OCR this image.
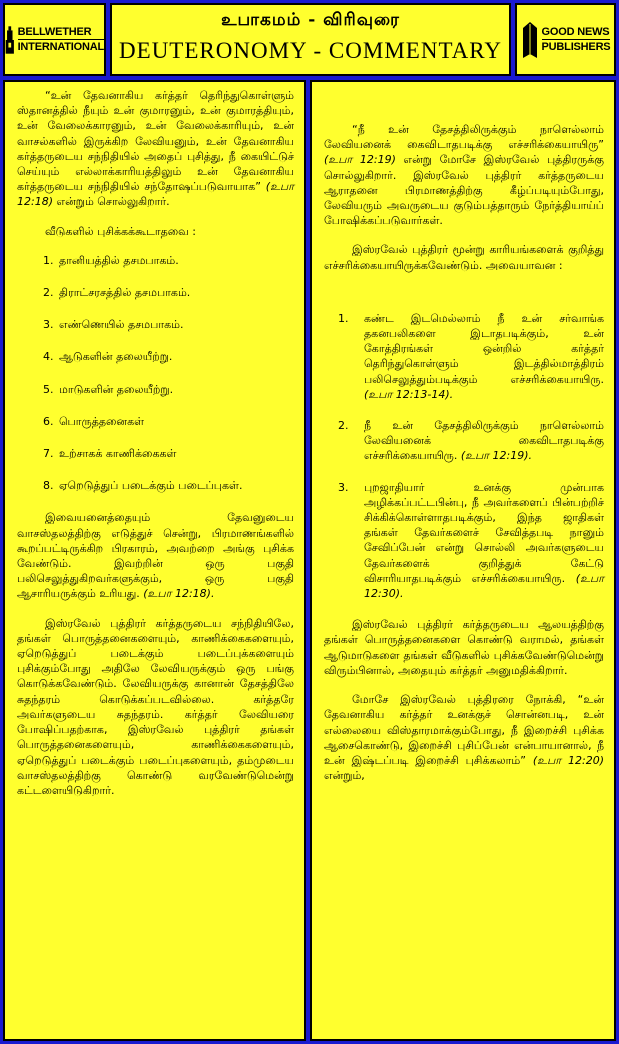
BELLWETHER
INTERNATIONAL
உபாகமம் - விரிவுரை
DEUTERONOMY - COMMENTARY
GOOD NEWS
PUBLISHERS

“உன் தேவனாகிய கர்த்தர் தெரிந்துகொள்ளும் ஸ்தானத்தில் நீயும் உன் குமாரனும், உன் குமாரத்தியும், உன் வேலைக்காரனும், உன் வேலைக்காரியும், உன் வாசல்களில் இருக்கிற லேவியனும், உன் தேவனாகிய கர்த்தருடைய சந்நிதியில் அதைப் புசித்து, நீ கையிட்டுச் செய்யும் எல்லாக்காரியத்திலும் உன் தேவனாகிய கர்த்தருடைய சந்நிதியில் சந்தோஷப்படுவாயாக” (உபா 12:18) என்றும் சொல்லுகிறார்.

வீடுகளில் புசிக்கக்கூடாதவை :
1. தானியத்தில் தசமபாகம்.
2. திராட்சரசத்தில் தசமபாகம்.
3. எண்ணெயில் தசமபாகம்.
4. ஆடுகளின் தலையீற்று.
5. மாடுகளின் தலையீற்று.
6. பொருத்தனைகள்
7. உற்சாகக் காணிக்கைகள்
8. ஏறெடுத்துப் படைக்கும் படைப்புகள்.

இவையனைத்தையும் தேவனுடைய வாசஸ்தலத்திற்கு எடுத்துச் சென்று, பிரமாணங்களில் கூறப்பட்டிருக்கிற பிரகாரம், அவற்றை அங்கு புசிக்க வேண்டும். இவற்றின் ஒரு பகுதி பலிசெலுத்துகிறவர்களுக்கும், ஒரு பகுதி ஆசாரியருக்கும் உரியது. (உபா 12:18).

இஸ்ரவேல் புத்திரர் கர்த்தருடைய சந்நிதியிலே, தங்கள் பொருத்தனைகளையும், காணிக்கைகளையும், ஏறெடுத்துப் படைக்கும் படைப்புக்களையும் புசிக்கும்போது அதிலே லேவியருக்கும் ஒரு பங்கு கொடுக்கவேண்டும். லேவியருக்கு கானான் தேசத்திலே சுதந்தரம் கொடுக்கப்படவில்லை. கர்த்தரே அவர்களுடைய சுதந்தரம். கர்த்தர் லேவியரை போஷிப்பதற்காக, இஸ்ரவேல் புத்திரர் தங்கள் பொருத்தனைகளையும், காணிக்கைகளையும், ஏறெடுத்துப் படைக்கும் படைப்புகளையும், தம்முடைய வாசஸ்தலத்திற்கு கொண்டு வரவேண்டுமென்று கட்டளையிடுகிறார்.

“நீ உன் தேசத்திலிருக்கும் நாளெல்லாம் லேவியனைக் கைவிடாதபடிக்கு எச்சரிக்கையாயிரு” (உபா 12:19) என்று மோசே இஸ்ரவேல் புத்திரருக்கு சொல்லுகிறார். இஸ்ரவேல் புத்திரர் கர்த்தருடைய ஆராதனை பிரமாணத்திற்கு கீழ்ப்படியும்போது, லேவியரும் அவருடைய குடும்பத்தாரும் நேர்த்தியாய்ப் போஷிக்கப்படுவார்கள்.

இஸ்ரவேல் புத்திரர் மூன்று காரியங்களைக் குறித்து எச்சரிக்கையாயிருக்கவேண்டும். அவையாவன :

1. கண்ட இடமெல்லாம் நீ உன் சர்வாங்க தகனபலிகளை இடாதபடிக்கும், உன் கோத்திரங்கள் ஒன்றில் கர்த்தர் தெரிந்துகொள்ளும் இடத்தில்மாத்திரம் பலிசெலுத்தும்படிக்கும் எச்சரிக்கையாயிரு. (உபா 12:13-14).
2. நீ உன் தேசத்திலிருக்கும் நாளெல்லாம் லேவியனைக் கைவிடாதபடிக்கு எச்சரிக்கையாயிரு. (உபா 12:19).
3. புறஜாதியார் உனக்கு முன்பாக அழிக்கப்பட்டபின்பு, நீ அவர்களைப் பின்பற்றிச் சிக்கிக்கொள்ளாதபடிக்கும், இந்த ஜாதிகள் தங்கள் தேவர்களைச் சேவித்தபடி நானும் சேவிப்பேன் என்று சொல்லி அவர்களுடைய தேவர்களைக் குறித்துக் கேட்டு விசாரியாதபடிக்கும் எச்சரிக்கையாயிரு. (உபா 12:30).

இஸ்ரவேல் புத்திரர் கர்த்தருடைய ஆலயத்திற்கு தங்கள் பொருத்தனைகளை கொண்டு வராமல், தங்கள் ஆடுமாடுகளை தங்கள் வீடுகளில் புசிக்கவேண்டுமென்று விரும்பினால், அதையும் கர்த்தர் அனுமதிக்கிறார்.

மோசே இஸ்ரவேல் புத்திரரை நோக்கி, “உன் தேவனாகிய கர்த்தர் உனக்குச் சொன்னபடி, உன் எல்லையை விஸ்தாரமாக்கும்போது, நீ இறைச்சி புசிக்க ஆசைகொண்டு, இறைச்சி புசிப்பேன் என்பாயானால், நீ உன் இஷ்டப்படி இறைச்சி புசிக்கலாம்” (உபா 12:20) என்றும்,
